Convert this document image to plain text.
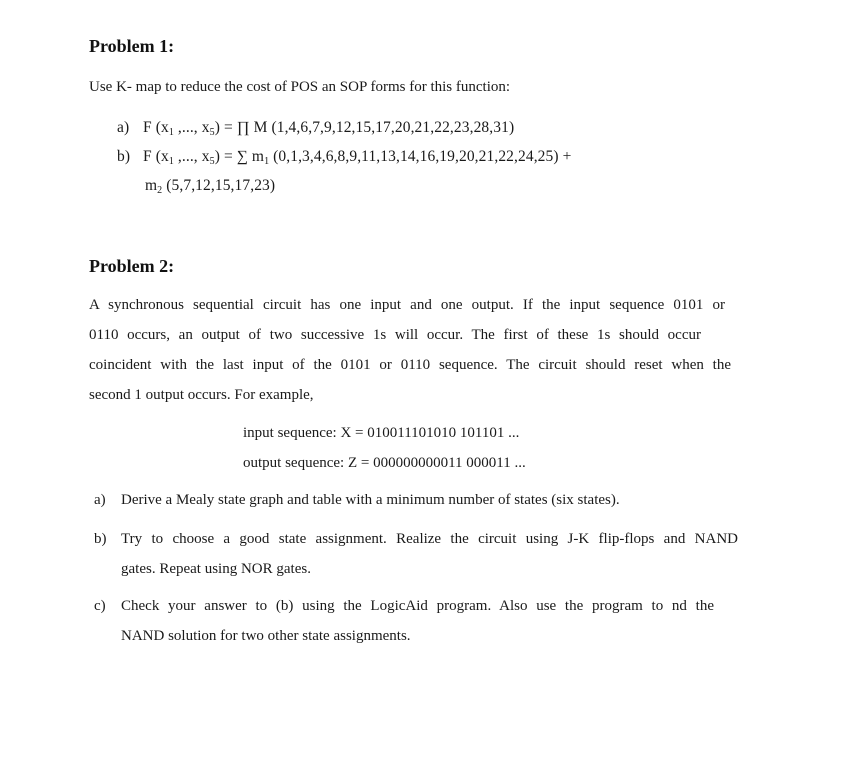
Problem 1:
Use K- map to reduce the cost of POS an SOP forms for this function:
a) F ($x_1$ ,..., $x_5$) = ∏ M (1,4,6,7,9,12,15,17,20,21,22,23,28,31)
b) F ($x_1$ ,..., $x_5$) = ∑ $m_1$ (0,1,3,4,6,8,9,11,13,14,16,19,20,21,22,24,25) +
$m_2$ (5,7,12,15,17,23)
Problem 2:
A synchronous sequential circuit has one input and one output. If the input sequence 0101 or
0110 occurs, an output of two successive 1s will occur. The first of these 1s should occur
coincident with the last input of the 0101 or 0110 sequence. The circuit should reset when the
second 1 output occurs. For example,
input sequence: X = 010011101010 101101 ...
output sequence: Z = 000000000011 000011 ...
a) Derive a Mealy state graph and table with a minimum number of states (six states).
b) Try to choose a good state assignment. Realize the circuit using J-K flip-flops and NAND
gates. Repeat using NOR gates.
c) Check your answer to (b) using the LogicAid program. Also use the program to nd the
NAND solution for two other state assignments.
